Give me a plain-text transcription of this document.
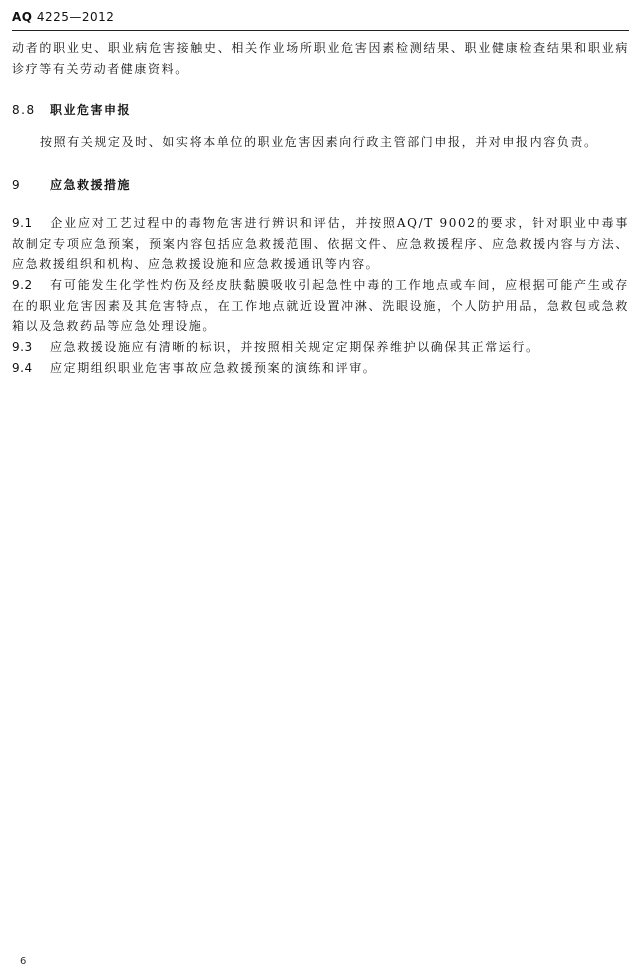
AQ 4225—2012
动者的职业史、职业病危害接触史、相关作业场所职业危害因素检测结果、职业健康检查结果和职业病诊疗等有关劳动者健康资料。
8.8 职业危害申报
按照有关规定及时、如实将本单位的职业危害因素向行政主管部门申报，并对申报内容负责。
9 应急救援措施
9.1 企业应对工艺过程中的毒物危害进行辨识和评估，并按照AQ/T 9002的要求，针对职业中毒事故制定专项应急预案，预案内容包括应急救援范围、依据文件、应急救援程序、应急救援内容与方法、应急救援组织和机构、应急救援设施和应急救援通讯等内容。
9.2 有可能发生化学性灼伤及经皮肤黏膜吸收引起急性中毒的工作地点或车间，应根据可能产生或存在的职业危害因素及其危害特点，在工作地点就近设置冲淋、洗眼设施，个人防护用品，急救包或急救箱以及急救药品等应急处理设施。
9.3 应急救援设施应有清晰的标识，并按照相关规定定期保养维护以确保其正常运行。
9.4 应定期组织职业危害事故应急救援预案的演练和评审。
6
